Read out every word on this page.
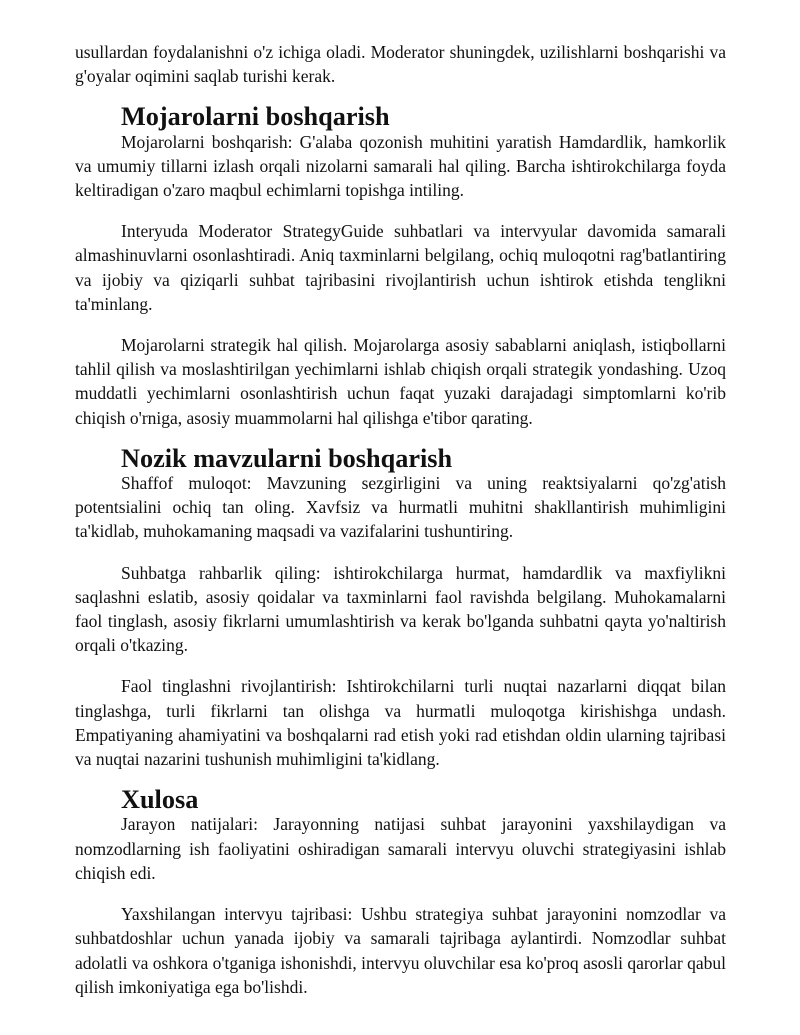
usullardan foydalanishni o'z ichiga oladi. Moderator shuningdek, uzilishlarni boshqarishi va g'oyalar oqimini saqlab turishi kerak.

Mojarolarni boshqarish

Mojarolarni boshqarish: G'alaba qozonish muhitini yaratish Hamdardlik, hamkorlik va umumiy tillarni izlash orqali nizolarni samarali hal qiling. Barcha ishtirokchilarga foyda keltiradigan o'zaro maqbul echimlarni topishga intiling.

Interyuda Moderator StrategyGuide suhbatlari va intervyular davomida samarali almashinuvlarni osonlashtiradi. Aniq taxminlarni belgilang, ochiq muloqotni rag'batlantiring va ijobiy va qiziqarli suhbat tajribasini rivojlantirish uchun ishtirok etishda tenglikni ta'minlang.

Mojarolarni strategik hal qilish. Mojarolarga asosiy sabablarni aniqlash, istiqbollarni tahlil qilish va moslashtirilgan yechimlarni ishlab chiqish orqali strategik yondashing. Uzoq muddatli yechimlarni osonlashtirish uchun faqat yuzaki darajadagi simptomlarni ko'rib chiqish o'rniga, asosiy muammolarni hal qilishga e'tibor qarating.

Nozik mavzularni boshqarish

Shaffof muloqot: Mavzuning sezgirligini va uning reaktsiyalarni qo'zg'atish potentsialini ochiq tan oling. Xavfsiz va hurmatli muhitni shakllantirish muhimligini ta'kidlab, muhokamaning maqsadi va vazifalarini tushuntiring.

Suhbatga rahbarlik qiling: ishtirokchilarga hurmat, hamdardlik va maxfiylikni saqlashni eslatib, asosiy qoidalar va taxminlarni faol ravishda belgilang. Muhokamalarni faol tinglash, asosiy fikrlarni umumlashtirish va kerak bo'lganda suhbatni qayta yo'naltirish orqali o'tkazing.

Faol tinglashni rivojlantirish: Ishtirokchilarni turli nuqtai nazarlarni diqqat bilan tinglashga, turli fikrlarni tan olishga va hurmatli muloqotga kirishishga undash. Empatiyaning ahamiyatini va boshqalarni rad etish yoki rad etishdan oldin ularning tajribasi va nuqtai nazarini tushunish muhimligini ta'kidlang.

Xulosa

Jarayon natijalari: Jarayonning natijasi suhbat jarayonini yaxshilaydigan va nomzodlarning ish faoliyatini oshiradigan samarali intervyu oluvchi strategiyasini ishlab chiqish edi.

Yaxshilangan intervyu tajribasi: Ushbu strategiya suhbat jarayonini nomzodlar va suhbatdoshlar uchun yanada ijobiy va samarali tajribaga aylantirdi. Nomzodlar suhbat adolatli va oshkora o'tganiga ishonishdi, intervyu oluvchilar esa ko'proq asosli qarorlar qabul qilish imkoniyatiga ega bo'lishdi.
